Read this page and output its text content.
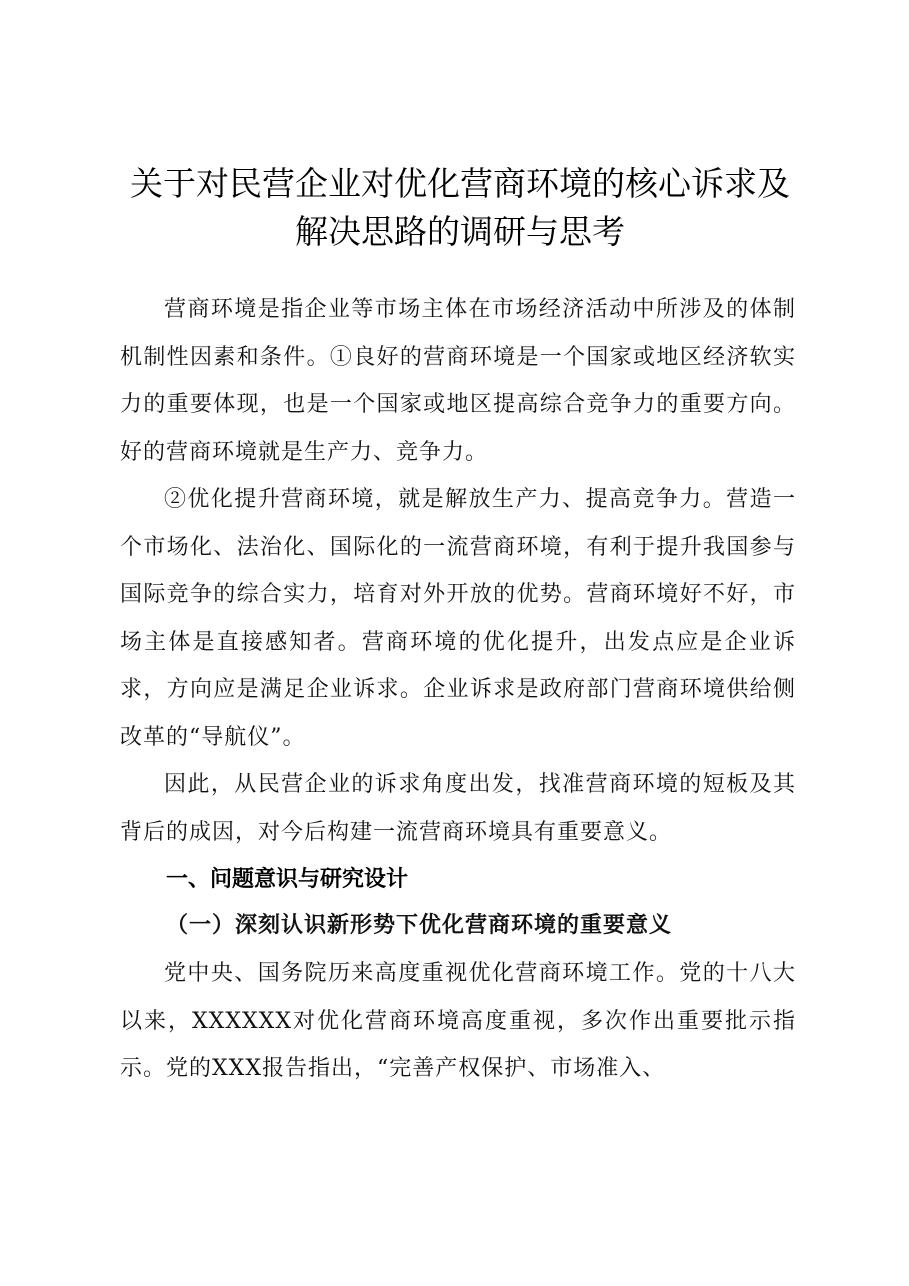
关于对民营企业对优化营商环境的核心诉求及
解决思路的调研与思考

营商环境是指企业等市场主体在市场经济活动中所涉及的体制机制性因素和条件。①良好的营商环境是一个国家或地区经济软实力的重要体现，也是一个国家或地区提高综合竞争力的重要方向。好的营商环境就是生产力、竞争力。

②优化提升营商环境，就是解放生产力、提高竞争力。营造一个市场化、法治化、国际化的一流营商环境，有利于提升我国参与国际竞争的综合实力，培育对外开放的优势。营商环境好不好，市场主体是直接感知者。营商环境的优化提升，出发点应是企业诉求，方向应是满足企业诉求。企业诉求是政府部门营商环境供给侧改革的“导航仪”。

因此，从民营企业的诉求角度出发，找准营商环境的短板及其背后的成因，对今后构建一流营商环境具有重要意义。

一、问题意识与研究设计
（一）深刻认识新形势下优化营商环境的重要意义

党中央、国务院历来高度重视优化营商环境工作。党的十八大以来，XXXXXX对优化营商环境高度重视，多次作出重要批示指示。党的XXX报告指出，“完善产权保护、市场准入、
